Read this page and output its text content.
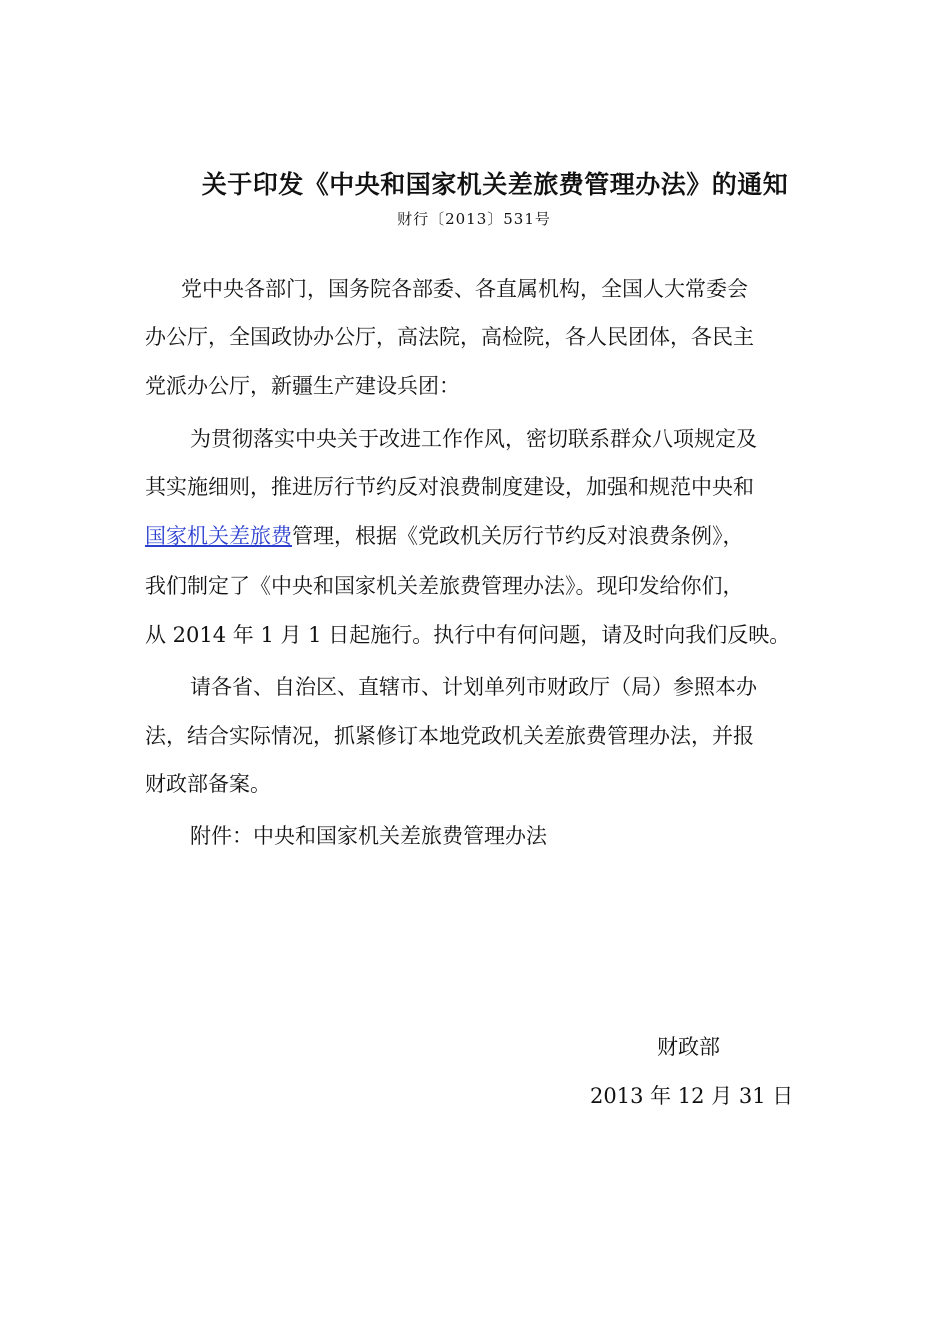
关于印发《中央和国家机关差旅费管理办法》的通知
财行〔2013〕531号
党中央各部门，国务院各部委、各直属机构，全国人大常委会
办公厅，全国政协办公厅，高法院，高检院，各人民团体，各民主
党派办公厅，新疆生产建设兵团：
为贯彻落实中央关于改进工作作风，密切联系群众八项规定及
其实施细则，推进厉行节约反对浪费制度建设，加强和规范中央和
国家机关差旅费管理，根据《党政机关厉行节约反对浪费条例》，
我们制定了《中央和国家机关差旅费管理办法》。现印发给你们，
从 2014 年 1 月 1 日起施行。执行中有何问题，请及时向我们反映。
请各省、自治区、直辖市、计划单列市财政厅（局）参照本办
法，结合实际情况，抓紧修订本地党政机关差旅费管理办法，并报
财政部备案。
附件：中央和国家机关差旅费管理办法
财政部
2013 年 12 月 31 日
